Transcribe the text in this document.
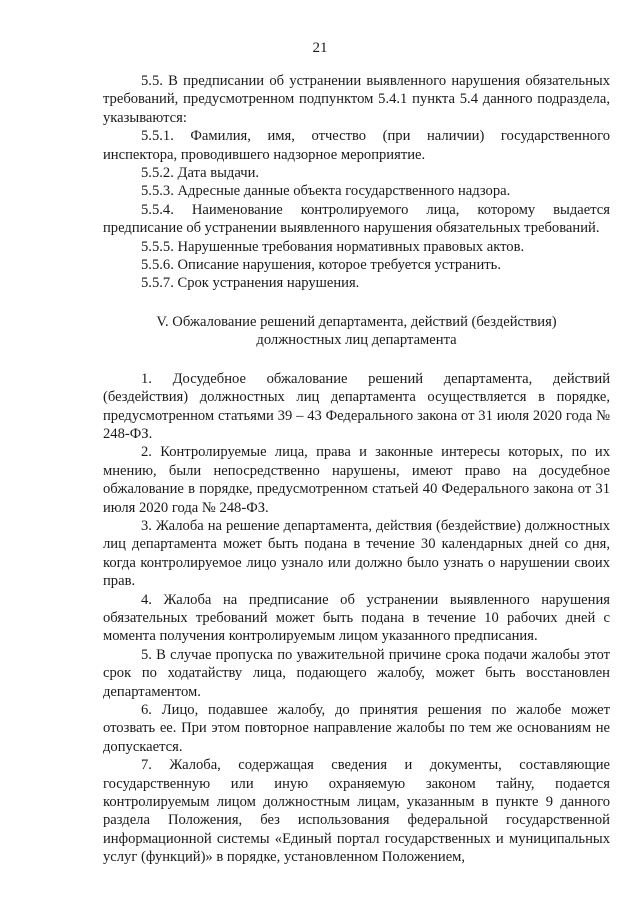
21

5.5. В предписании об устранении выявленного нарушения обязательных требований, предусмотренном подпунктом 5.4.1 пункта 5.4 данного подраздела, указываются:

5.5.1. Фамилия, имя, отчество (при наличии) государственного инспектора, проводившего надзорное мероприятие.

5.5.2. Дата выдачи.

5.5.3. Адресные данные объекта государственного надзора.

5.5.4. Наименование контролируемого лица, которому выдается предписание об устранении выявленного нарушения обязательных требований.

5.5.5. Нарушенные требования нормативных правовых актов.

5.5.6. Описание нарушения, которое требуется устранить.

5.5.7. Срок устранения нарушения.

V. Обжалование решений департамента, действий (бездействия)
должностных лиц департамента

1. Досудебное обжалование решений департамента, действий (бездействия) должностных лиц департамента осуществляется в порядке, предусмотренном статьями 39 – 43 Федерального закона от 31 июля 2020 года № 248-ФЗ.

2. Контролируемые лица, права и законные интересы которых, по их мнению, были непосредственно нарушены, имеют право на досудебное обжалование в порядке, предусмотренном статьей 40 Федерального закона от 31 июля 2020 года № 248-ФЗ.

3. Жалоба на решение департамента, действия (бездействие) должностных лиц департамента может быть подана в течение 30 календарных дней со дня, когда контролируемое лицо узнало или должно было узнать о нарушении своих прав.

4. Жалоба на предписание об устранении выявленного нарушения обязательных требований может быть подана в течение 10 рабочих дней с момента получения контролируемым лицом указанного предписания.

5. В случае пропуска по уважительной причине срока подачи жалобы этот срок по ходатайству лица, подающего жалобу, может быть восстановлен департаментом.

6. Лицо, подавшее жалобу, до принятия решения по жалобе может отозвать ее. При этом повторное направление жалобы по тем же основаниям не допускается.

7. Жалоба, содержащая сведения и документы, составляющие государственную или иную охраняемую законом тайну, подается контролируемым лицом должностным лицам, указанным в пункте 9 данного раздела Положения, без использования федеральной государственной информационной системы «Единый портал государственных и муниципальных услуг (функций)» в порядке, установленном Положением,
